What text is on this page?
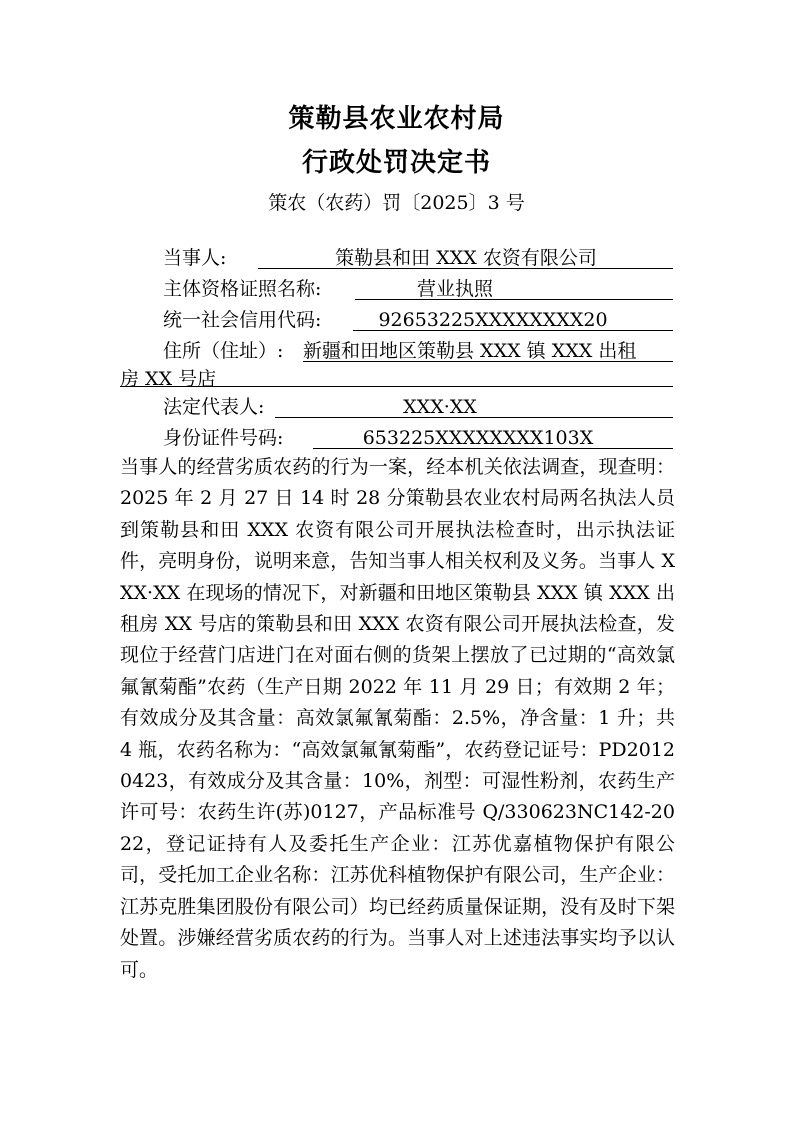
策勒县农业农村局
行政处罚决定书
策农（农药）罚〔2025〕3 号
当事人:	策勒县和田 XXX 农资有限公司
主体资格证照名称:	营业执照
统一社会信用代码:	92653225XXXXXXXX20
住所（住址）: 新疆和田地区策勒县 XXX 镇 XXX 出租
房 XX 号店
法定代表人:	XXX·XX
身份证件号码:	653225XXXXXXXX103X
当事人的经营劣质农药的行为一案，经本机关依法调查，现查明：2025 年 2 月 27 日 14 时 28 分策勒县农业农村局两名执法人员到策勒县和田 XXX 农资有限公司开展执法检查时，出示执法证件，亮明身份，说明来意，告知当事人相关权利及义务。当事人 XXX·XX 在现场的情况下，对新疆和田地区策勒县 XXX 镇 XXX 出租房 XX 号店的策勒县和田 XXX 农资有限公司开展执法检查，发现位于经营门店进门在对面右侧的货架上摆放了已过期的“高效氯氟氰菊酯”农药（生产日期 2022 年 11 月 29 日；有效期 2 年；有效成分及其含量：高效氯氟氰菊酯：2.5%，净含量：1 升；共 4 瓶，农药名称为：“高效氯氟氰菊酯”，农药登记证号：PD20120423，有效成分及其含量：10%，剂型：可湿性粉剂，农药生产许可号：农药生许(苏)0127，产品标准号 Q/330623NC142-2022，登记证持有人及委托生产企业：江苏优嘉植物保护有限公司，受托加工企业名称：江苏优科植物保护有限公司，生产企业：江苏克胜集团股份有限公司）均已经药质量保证期，没有及时下架处置。涉嫌经营劣质农药的行为。当事人对上述违法事实均予以认可。
